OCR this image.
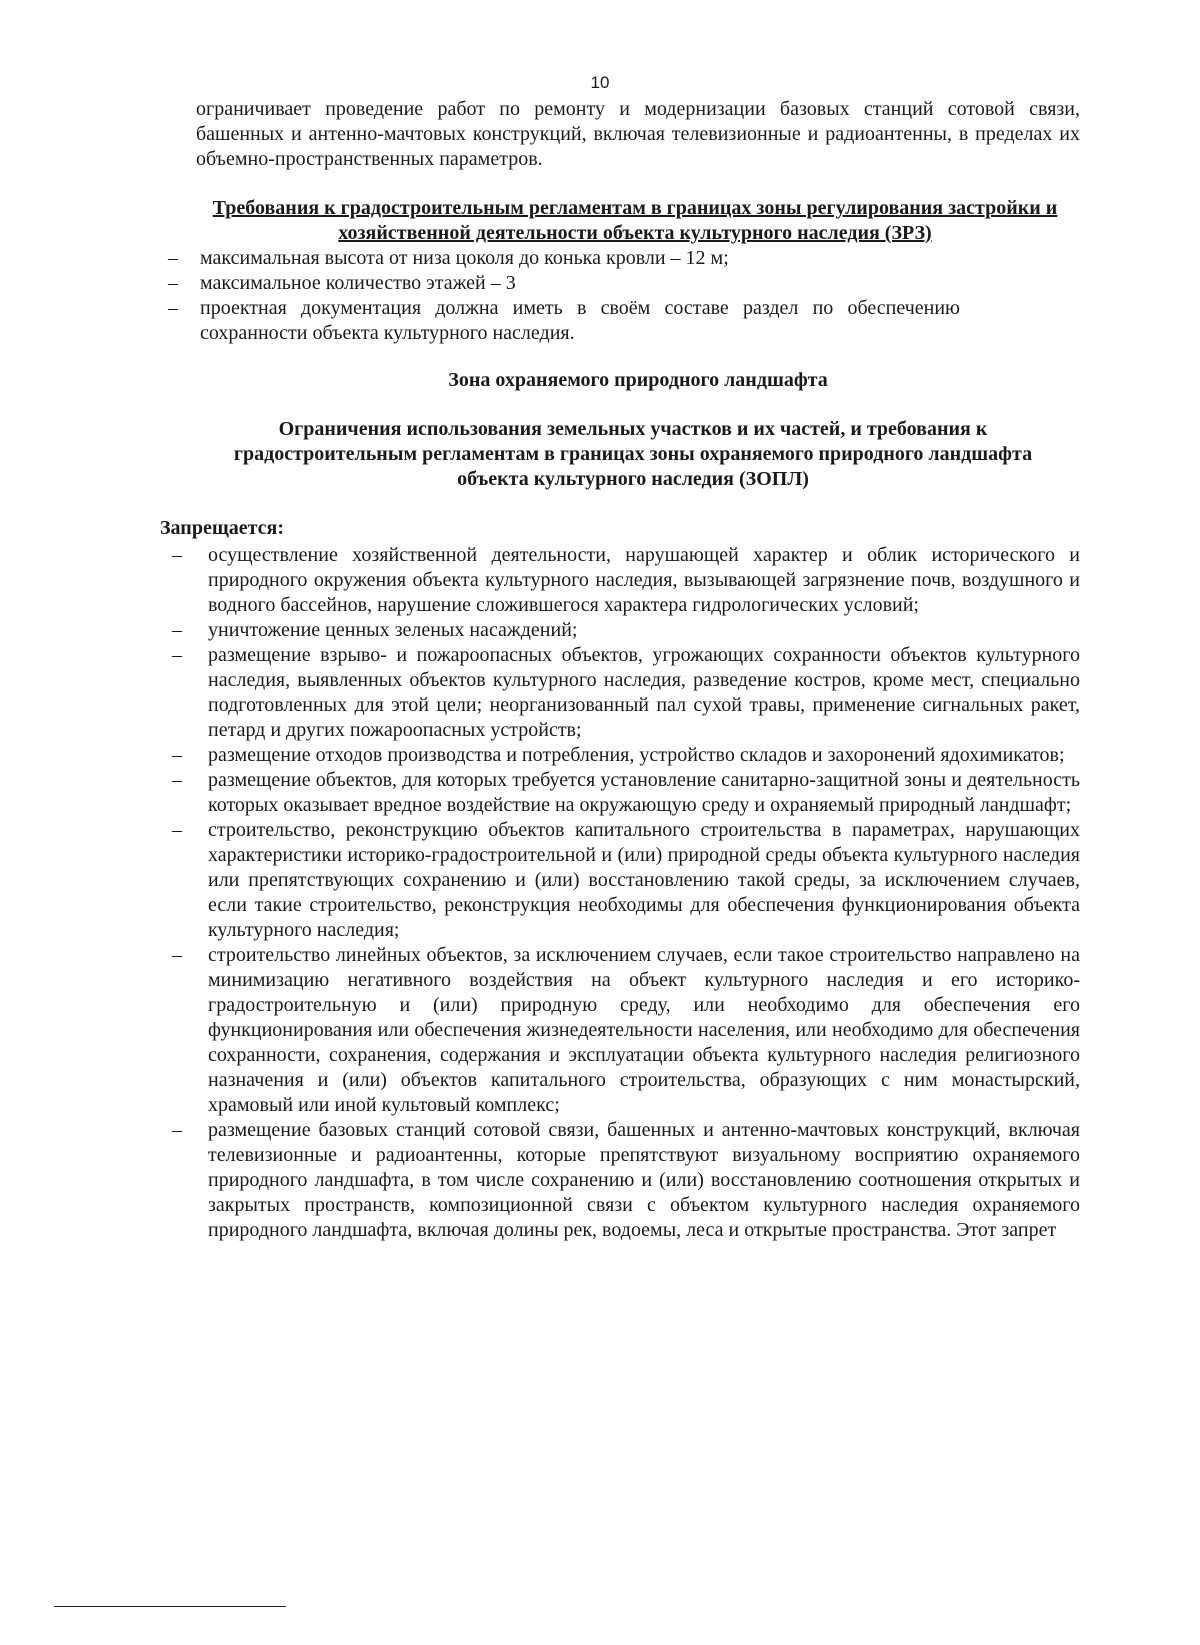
10

ограничивает проведение работ по ремонту и модернизации базовых станций сотовой связи, башенных и антенно-мачтовых конструкций, включая телевизионные и радиоантенны, в пределах их объемно-пространственных параметров.

Требования к градостроительным регламентам в границах зоны регулирования застройки и хозяйственной деятельности объекта культурного наследия (ЗРЗ)

– максимальная высота от низа цоколя до конька кровли – 12 м;
– максимальное количество этажей – 3
– проектная документация должна иметь в своём составе раздел по обеспечению сохранности объекта культурного наследия.

Зона охраняемого природного ландшафта

Ограничения использования земельных участков и их частей, и требования к градостроительным регламентам в границах зоны охраняемого природного ландшафта объекта культурного наследия (ЗОПЛ)

Запрещается:

– осуществление хозяйственной деятельности, нарушающей характер и облик исторического и природного окружения объекта культурного наследия, вызывающей загрязнение почв, воздушного и водного бассейнов, нарушение сложившегося характера гидрологических условий;
– уничтожение ценных зеленых насаждений;
– размещение взрыво- и пожароопасных объектов, угрожающих сохранности объектов культурного наследия, выявленных объектов культурного наследия, разведение костров, кроме мест, специально подготовленных для этой цели; неорганизованный пал сухой травы, применение сигнальных ракет, петард и других пожароопасных устройств;
– размещение отходов производства и потребления, устройство складов и захоронений ядохимикатов;
– размещение объектов, для которых требуется установление санитарно-защитной зоны и деятельность которых оказывает вредное воздействие на окружающую среду и охраняемый природный ландшафт;
– строительство, реконструкцию объектов капитального строительства в параметрах, нарушающих характеристики историко-градостроительной и (или) природной среды объекта культурного наследия или препятствующих сохранению и (или) восстановлению такой среды, за исключением случаев, если такие строительство, реконструкция необходимы для обеспечения функционирования объекта культурного наследия;
– строительство линейных объектов, за исключением случаев, если такое строительство направлено на минимизацию негативного воздействия на объект культурного наследия и его историко-градостроительную и (или) природную среду, или необходимо для обеспечения его функционирования или обеспечения жизнедеятельности населения, или необходимо для обеспечения сохранности, сохранения, содержания и эксплуатации объекта культурного наследия религиозного назначения и (или) объектов капитального строительства, образующих с ним монастырский, храмовый или иной культовый комплекс;
– размещение базовых станций сотовой связи, башенных и антенно-мачтовых конструкций, включая телевизионные и радиоантенны, которые препятствуют визуальному восприятию охраняемого природного ландшафта, в том числе сохранению и (или) восстановлению соотношения открытых и закрытых пространств, композиционной связи с объектом культурного наследия охраняемого природного ландшафта, включая долины рек, водоемы, леса и открытые пространства. Этот запрет
